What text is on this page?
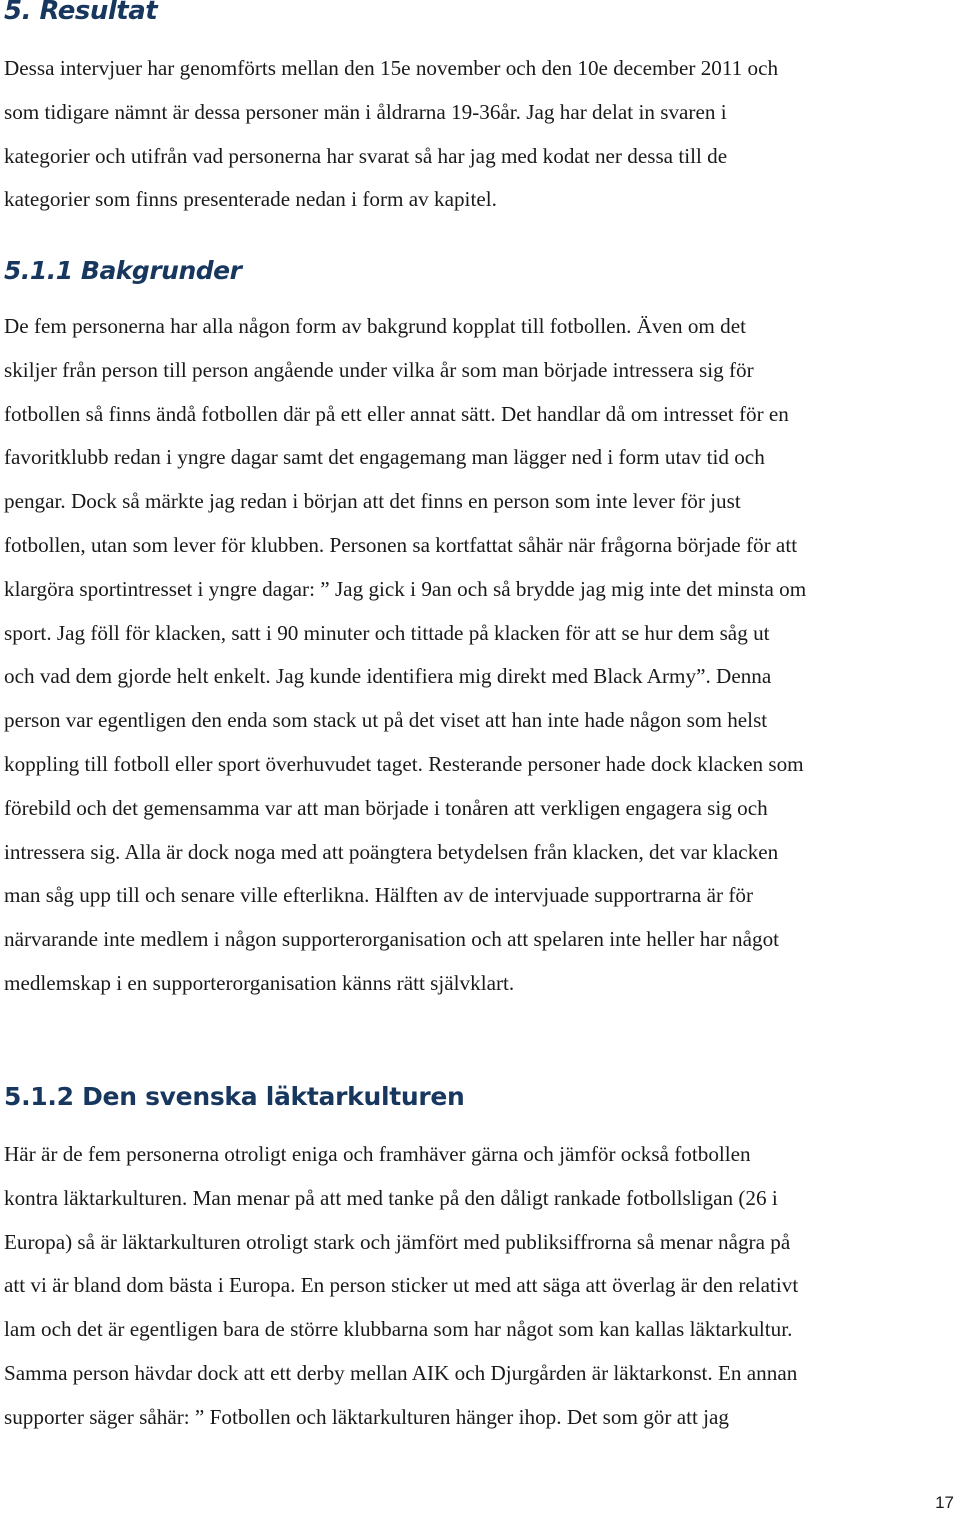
5. Resultat
Dessa intervjuer har genomförts mellan den 15e november och den 10e december 2011 och
som tidigare nämnt är dessa personer män i åldrarna 19-36år. Jag har delat in svaren i
kategorier och utifrån vad personerna har svarat så har jag med kodat ner dessa till de
kategorier som finns presenterade nedan i form av kapitel.
5.1.1 Bakgrunder
De fem personerna har alla någon form av bakgrund kopplat till fotbollen. Även om det
skiljer från person till person angående under vilka år som man började intressera sig för
fotbollen så finns ändå fotbollen där på ett eller annat sätt. Det handlar då om intresset för en
favoritklubb redan i yngre dagar samt det engagemang man lägger ned i form utav tid och
pengar. Dock så märkte jag redan i början att det finns en person som inte lever för just
fotbollen, utan som lever för klubben. Personen sa kortfattat såhär när frågorna började för att
klargöra sportintresset i yngre dagar: ” Jag gick i 9an och så brydde jag mig inte det minsta om
sport. Jag föll för klacken, satt i 90 minuter och tittade på klacken för att se hur dem såg ut
och vad dem gjorde helt enkelt. Jag kunde identifiera mig direkt med Black Army”. Denna
person var egentligen den enda som stack ut på det viset att han inte hade någon som helst
koppling till fotboll eller sport överhuvudet taget. Resterande personer hade dock klacken som
förebild och det gemensamma var att man började i tonåren att verkligen engagera sig och
intressera sig. Alla är dock noga med att poängtera betydelsen från klacken, det var klacken
man såg upp till och senare ville efterlikna. Hälften av de intervjuade supportrarna är för
närvarande inte medlem i någon supporterorganisation och att spelaren inte heller har något
medlemskap i en supporterorganisation känns rätt självklart.
5.1.2 Den svenska läktarkulturen
Här är de fem personerna otroligt eniga och framhäver gärna och jämför också fotbollen
kontra läktarkulturen. Man menar på att med tanke på den dåligt rankade fotbollsligan (26 i
Europa) så är läktarkulturen otroligt stark och jämfört med publiksiffrorna så menar några på
att vi är bland dom bästa i Europa. En person sticker ut med att säga att överlag är den relativt
lam och det är egentligen bara de större klubbarna som har något som kan kallas läktarkultur.
Samma person hävdar dock att ett derby mellan AIK och Djurgården är läktarkonst. En annan
supporter säger såhär: ” Fotbollen och läktarkulturen hänger ihop. Det som gör att jag
17
